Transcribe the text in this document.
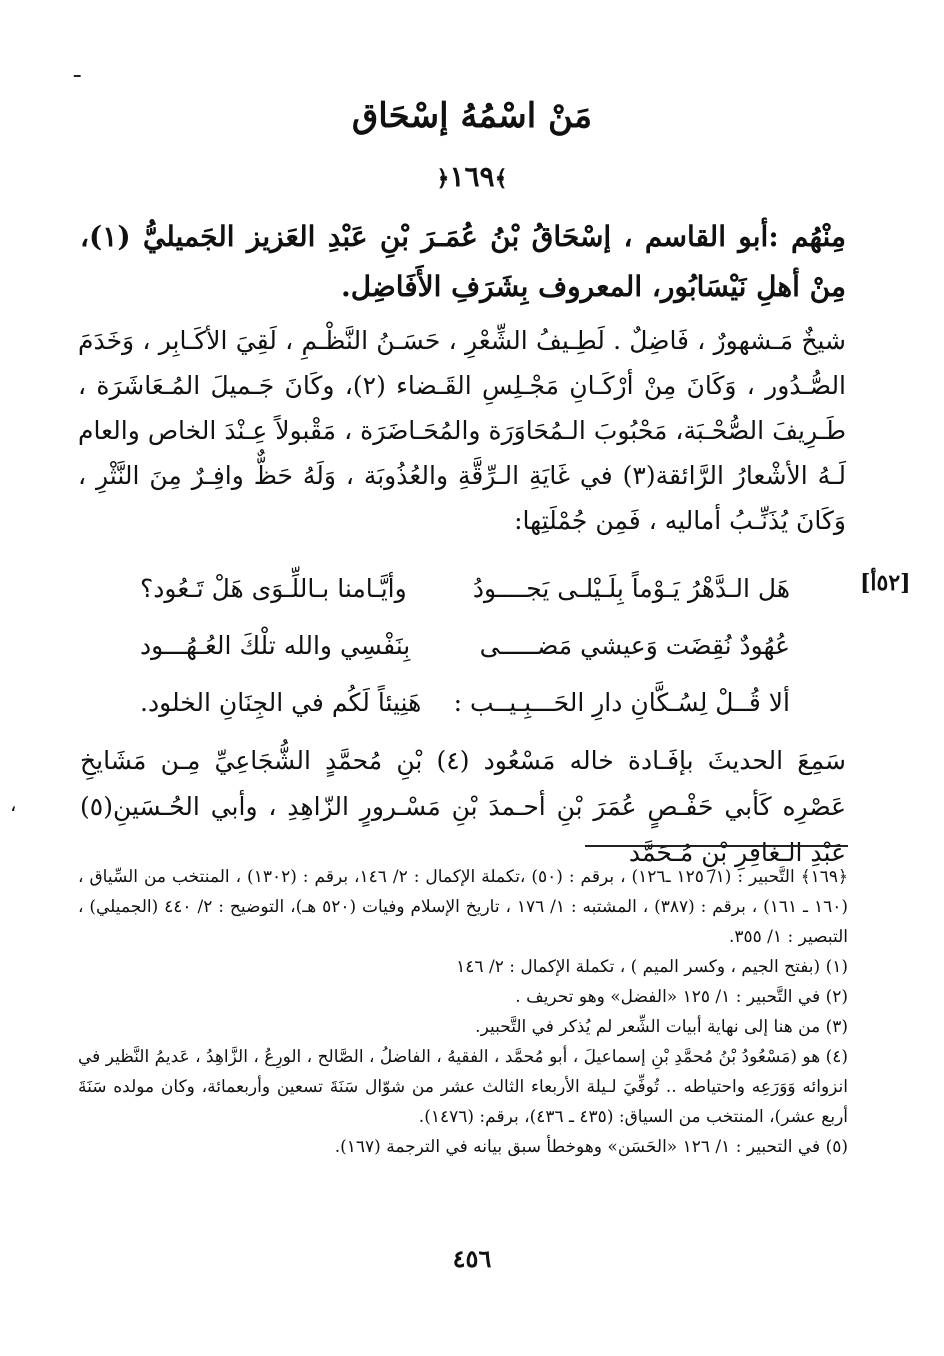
ـ
مَنْ اسْمُهُ إسْحَاق
﴾١٦٩﴿
مِنْهُم :أبو القاسم ، إسْحَاقُ بْنُ عُمَـرَ بْنِ عَبْدِ العَزيز الجَميليُّ (١)، مِنْ أهلِ نَيْسَابُور، المعروف بِشَرَفِ الأَفَاضِل.
شيخٌ مَـشهورٌ ، فَاضِلٌ . لَطِـيفُ الشِّعْرِ ، حَسَـنُ النَّظْـمِ ، لَقِيَ الأكَـابِر ، وَخَدَمَ الصُّـدُور ، وَكَانَ مِنْ أرْكَـانِ مَجْـلِسِ القَـضاء (٢)، وكَانَ جَـميلَ المُـعَاشَرَة ، طَـرِيفَ الصُّحْـبَة، مَحْبُوبَ الـمُحَاوَرَة والمُحَـاضَرَة ، مَقْبولاً عِـنْدَ الخاص والعام لَـهُ الأشْعارُ الرَّائقة(٣) في غَايَةِ الـرِّقَّةِ والعُذُوبَة ، وَلَهُ حَظٌّ وافِـرٌ مِنَ النَّثْرِ ، وَكَانَ يُذَنِّـبُ أماليه ، فَمِن جُمْلَتِها:
[٥٢أ]
هَل الـدَّهْرُ يَـوْماً بِلَـيْلـى يَجــــودُ
وأيَّـامنا بـاللِّـوَى هَلْ تَـعُود؟
عُهُودٌ نُقِضَت وَعيشي مَضـــــى
بِنَفْسِي والله تلْكَ العُـهُـــود
ألا قُــلْ لِسُـكَّانِ دارِ الحَـــبِـيــب :
هَنِيئاً لَكُم في الجِنَانِ الخلود.
سَمِعَ الحديثَ بإفَـادة خاله مَسْعُود (٤) بْنِ مُحمَّدٍ الشُّجَاعِيِّ مِـن مَشَايخِ عَصْرِه كَأبي حَفْـصٍ عُمَرَ بْنِ أحـمدَ بْنِ مَسْـرورٍ الزّاهِدِ ، وأبي الحُـسَينِ(٥) عَبْدِ الـغافِرِ بْنِ مُـحَمَّد
،

﴿١٦٩﴾ التَّحبير : (١/ ١٢٥ ـ١٢٦) ، برقم : (٥٠) ،تكملة الإكمال : ٢/ ١٤٦، برقم : (١٣٠٢) ، المنتخب من السِّياق ، (١٦٠ ـ ١٦١) ، برقم : (٣٨٧) ، المشتبه : ١/ ١٧٦ ، تاريخ الإسلام وفيات (٥٢٠ هـ)، التوضيح : ٢/ ٤٤٠ (الجميلي) ، التبصير : ١/ ٣٥٥.

(١) (بفتح الجيم ، وكسر الميم ) ، تكملة الإكمال : ٢/ ١٤٦

(٢) في التَّحبير : ١/ ١٢٥ «الفضل» وهو تحريف .

(٣) من هنا إلى نهاية أبيات الشِّعر لم يُذكر في التَّحبير.

(٤) هو (مَسْعُودُ بْنُ مُحمَّدِ بْنِ إسماعيلَ ، أبو مُحمَّد ، الفقيهُ ، الفاضلُ ، الصَّالح ، الورِعُ ، الزَّاهِدُ ، عَديمُ النَّظير في انزوائه وَوَرَعِه واحتياطه .. تُوفِّيَ لـيلة الأربعاء الثالث عشر من شوّال سَنَةَ تسعين وأربعمائة، وكان مولده سَنَةَ أربع عشر)، المنتخب من السياق: (٤٣٥ ـ ٤٣٦)، برقم: (١٤٧٦).

(٥) في التحبير : ١/ ١٢٦ «الحَسَن» وهوخطأ سبق بيانه في الترجمة (١٦٧).

٤٥٦
